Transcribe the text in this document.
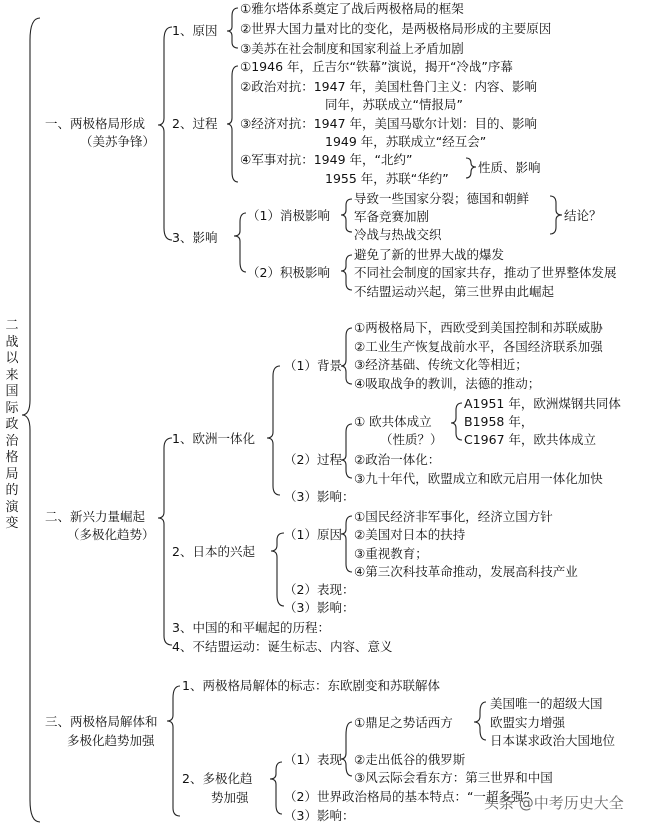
二战以来国际政治格局的演变
一、两极格局形成
（美苏争锋）
1、原因
①雅尔塔体系奠定了战后两极格局的框架
②世界大国力量对比的变化，是两极格局形成的主要原因
③美苏在社会制度和国家利益上矛盾加剧
2、过程
①1946 年，丘吉尔“铁幕”演说，揭开“冷战”序幕
②政治对抗：1947 年，美国杜鲁门主义：内容、影响
同年，苏联成立“情报局”
③经济对抗：1947 年，美国马歇尔计划：目的、影响
1949 年，苏联成立“经互会”
④军事对抗：1949 年，“北约”
1955 年，苏联“华约”
性质、影响
3、影响
（1）消极影响
导致一些国家分裂；德国和朝鲜
军备竞赛加剧
冷战与热战交织
结论？
（2）积极影响
避免了新的世界大战的爆发
不同社会制度的国家共存，推动了世界整体发展
不结盟运动兴起，第三世界由此崛起
二、新兴力量崛起
（多极化趋势）
1、欧洲一体化
（1）背景
①两极格局下，西欧受到美国控制和苏联威胁
②工业生产恢复战前水平，各国经济联系加强
③经济基础、传统文化等相近；
④吸取战争的教训，法德的推动；
（2）过程
① 欧共体成立
（性质？）
A1951 年，欧洲煤钢共同体
B1958 年，
C1967 年，欧共体成立
②政治一体化：
③九十年代，欧盟成立和欧元启用一体化加快
（3）影响：
2、日本的兴起
（1）原因
①国民经济非军事化，经济立国方针
②美国对日本的扶持
③重视教育；
④第三次科技革命推动，发展高科技产业
（2）表现：
（3）影响：
3、中国的和平崛起的历程：
4、不结盟运动：诞生标志、内容、意义
三、两极格局解体和
多极化趋势加强
1、两极格局解体的标志：东欧剧变和苏联解体
2、多极化趋
势加强
（1）表现
①鼎足之势话西方
②走出低谷的俄罗斯
③风云际会看东方：第三世界和中国
美国唯一的超级大国
欧盟实力增强
日本谋求政治大国地位
（2）世界政治格局的基本特点：“一超多强”
（3）影响：
头条 @中考历史大全
